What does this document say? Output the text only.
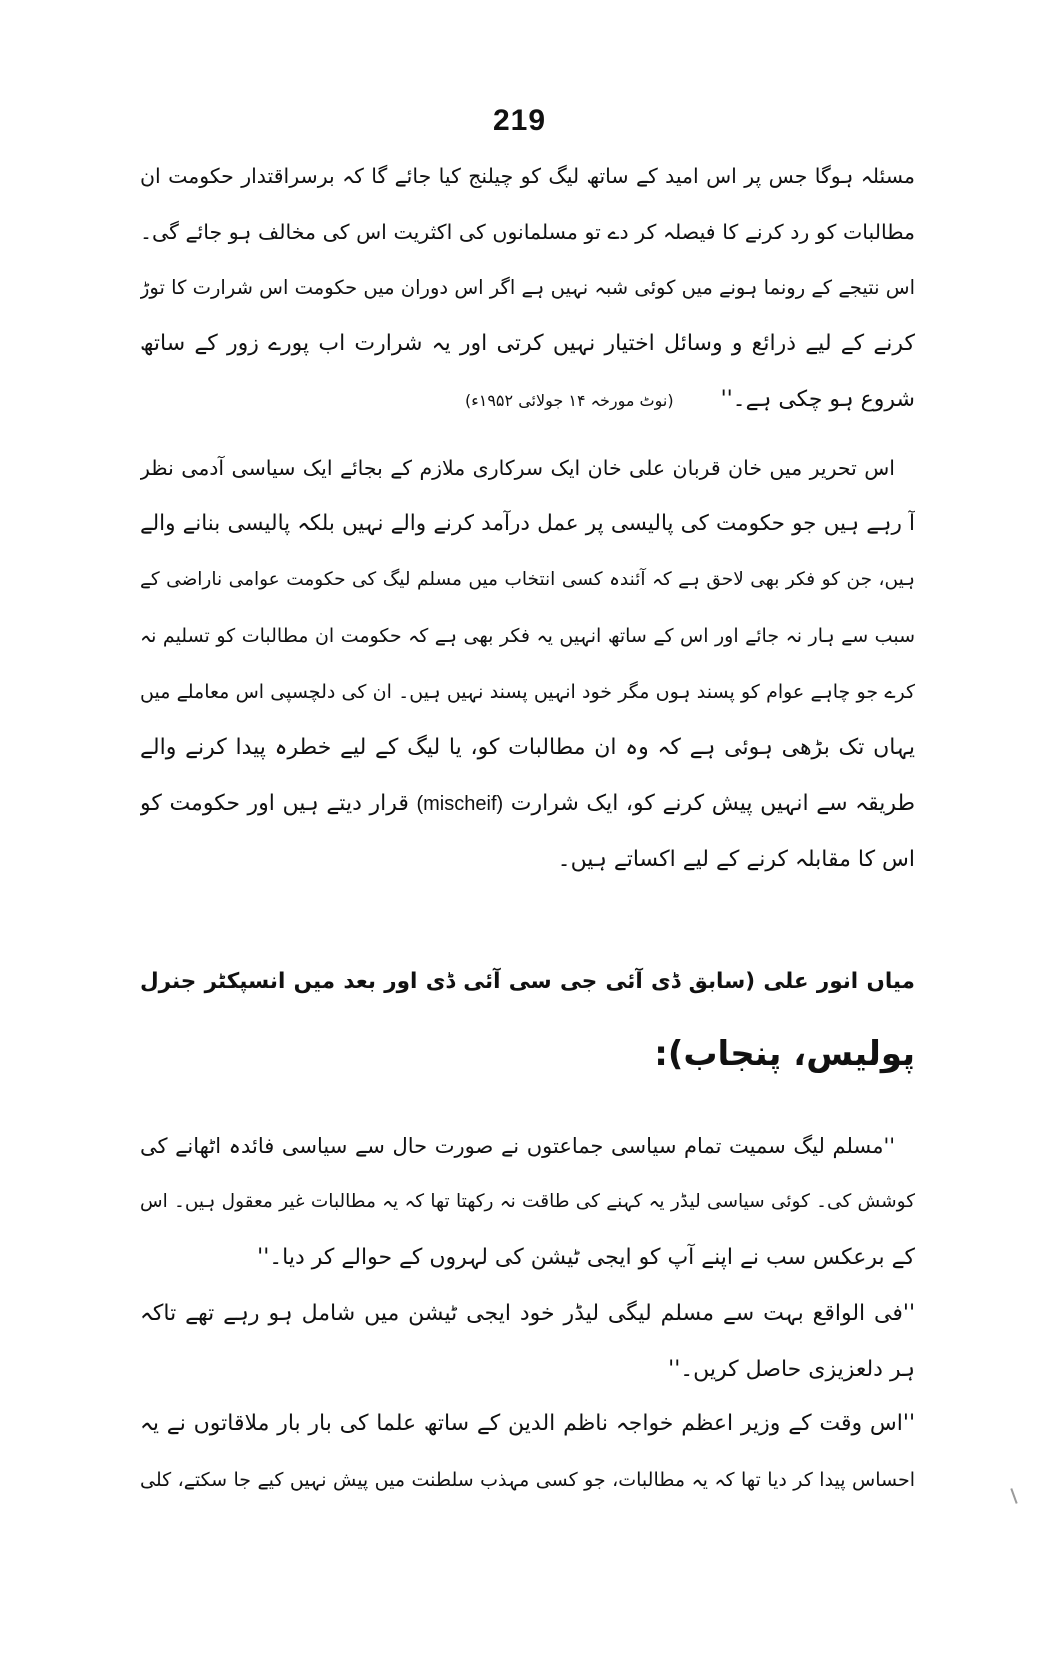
219
مسئلہ ہوگا جس پر اس امید کے ساتھ لیگ کو چیلنج کیا جائے گا کہ برسراقتدار حکومت ان
مطالبات کو رد کرنے کا فیصلہ کر دے تو مسلمانوں کی اکثریت اس کی مخالف ہو جائے گی۔
اس نتیجے کے رونما ہونے میں کوئی شبہ نہیں ہے اگر اس دوران میں حکومت اس شرارت کا توڑ
کرنے کے لیے ذرائع و وسائل اختیار نہیں کرتی اور یہ شرارت اب پورے زور کے ساتھ
شروع ہو چکی ہے۔'' (نوٹ مورخہ ۱۴ جولائی ۱۹۵۲ء)
اس تحریر میں خان قربان علی خان ایک سرکاری ملازم کے بجائے ایک سیاسی آدمی نظر
آ رہے ہیں جو حکومت کی پالیسی پر عمل درآمد کرنے والے نہیں بلکہ پالیسی بنانے والے
ہیں، جن کو فکر بھی لاحق ہے کہ آئندہ کسی انتخاب میں مسلم لیگ کی حکومت عوامی ناراضی کے
سبب سے ہار نہ جائے اور اس کے ساتھ انہیں یہ فکر بھی ہے کہ حکومت ان مطالبات کو تسلیم نہ
کرے جو چاہے عوام کو پسند ہوں مگر خود انہیں پسند نہیں ہیں۔ ان کی دلچسپی اس معاملے میں
یہاں تک بڑھی ہوئی ہے کہ وہ ان مطالبات کو، یا لیگ کے لیے خطرہ پیدا کرنے والے
طریقہ سے انہیں پیش کرنے کو، ایک شرارت (mischeif) قرار دیتے ہیں اور حکومت کو
اس کا مقابلہ کرنے کے لیے اکساتے ہیں۔
میاں انور علی (سابق ڈی آئی جی سی آئی ڈی اور بعد میں انسپکٹر جنرل
پولیس، پنجاب):
''مسلم لیگ سمیت تمام سیاسی جماعتوں نے صورت حال سے سیاسی فائدہ اٹھانے کی
کوشش کی۔ کوئی سیاسی لیڈر یہ کہنے کی طاقت نہ رکھتا تھا کہ یہ مطالبات غیر معقول ہیں۔ اس
کے برعکس سب نے اپنے آپ کو ایجی ٹیشن کی لہروں کے حوالے کر دیا۔''
''فی الواقع بہت سے مسلم لیگی لیڈر خود ایجی ٹیشن میں شامل ہو رہے تھے تاکہ
ہر دلعزیزی حاصل کریں۔''
''اس وقت کے وزیر اعظم خواجہ ناظم الدین کے ساتھ علما کی بار بار ملاقاتوں نے یہ
احساس پیدا کر دیا تھا کہ یہ مطالبات، جو کسی مہذب سلطنت میں پیش نہیں کیے جا سکتے، کلی
